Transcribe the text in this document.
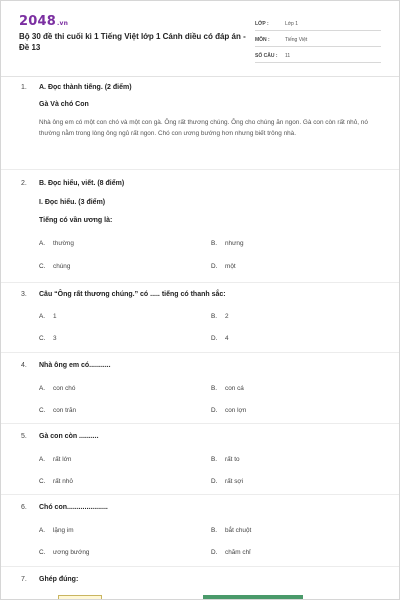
2048.vn
Bộ 30 đề thi cuối kì 1 Tiếng Việt lớp 1 Cánh diều có đáp án - Đề 13
LỚP :	Lớp 1
MÔN :	Tiếng Việt
SỐ CÂU :	11
1. A. Đọc thành tiếng. (2 điểm)
Gà Và chó Con
Nhà ông em có một con chó và một con gà. Ông rất thương chúng. Ông cho chúng ăn ngon. Gà con còn rất nhỏ, nó thường nằm trong lòng ông ngủ rất ngon. Chó con ương bướng hơn nhưng biết trông nhà.
2. B. Đọc hiểu, viết. (8 điểm)
I. Đọc hiểu. (3 điểm)
Tiếng có vần ương là:
A. thường	B. nhưng
C. chúng	D. một
3. Câu “Ông rất thương chúng.” có ..... tiếng có thanh sắc:
A. 1	B. 2
C. 3	D. 4
4. Nhà ông em có...........
A. con chó	B. con cá
C. con trăn	D. con lợn
5. Gà con còn ..........
A. rất lớn	B. rất to
C. rất nhỏ	D. rất sợi
6. Chó con.....................
A. lặng im	B. bắt chuột
C. ương bướng	D. chăm chỉ
7. Ghép đúng:
